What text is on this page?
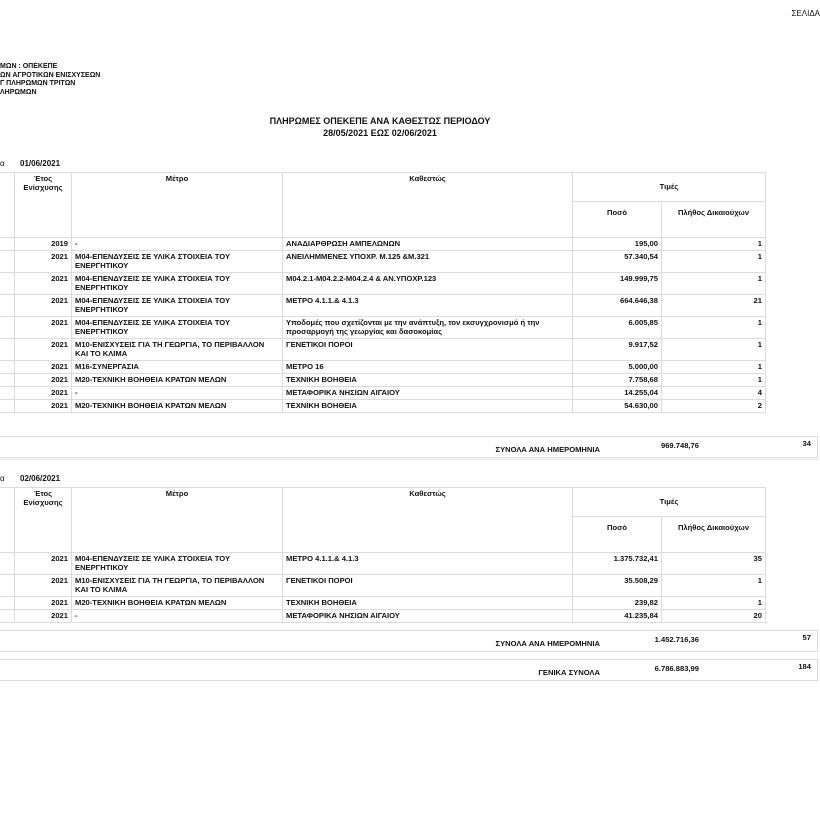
ΣΕΛΙΔΑ
ΜΩΝ : ΟΠΕΚΕΠΕ
ΩΝ ΑΓΡΟΤΙΚΩΝ ΕΝΙΣΧΥΣΕΩΝ
Γ ΠΛΗΡΩΜΩΝ ΤΡΙΤΩΝ
ΛΗΡΩΜΩΝ
ΠΛΗΡΩΜΕΣ ΟΠΕΚΕΠΕ ΑΝΑ ΚΑΘΕΣΤΩΣ ΠΕΡΙΟΔΟΥ
28/05/2021 ΕΩΣ 02/06/2021
α 01/06/2021
	Έτος Ενίσχυσης	Μέτρο	Καθεστώς	Τιμές	
				Ποσό	Πλήθος Δικαιούχων
	2019	-	ΑΝΑΔΙΑΡΘΡΩΣΗ ΑΜΠΕΛΩΝΩΝ	195,00	1
	2021	Μ04-ΕΠΕΝΔΥΣΕΙΣ ΣΕ ΥΛΙΚΑ ΣΤΟΙΧΕΙΑ ΤΟΥ ΕΝΕΡΓΗΤΙΚΟΥ	ΑΝΕΙΛΗΜΜΕΝΕΣ ΥΠΟΧΡ. Μ.125 &Μ.321	57.340,54	1
	2021	Μ04-ΕΠΕΝΔΥΣΕΙΣ ΣΕ ΥΛΙΚΑ ΣΤΟΙΧΕΙΑ ΤΟΥ ΕΝΕΡΓΗΤΙΚΟΥ	Μ04.2.1-Μ04.2.2-Μ04.2.4 & ΑΝ.ΥΠΟΧΡ.123	149.999,75	1
	2021	Μ04-ΕΠΕΝΔΥΣΕΙΣ ΣΕ ΥΛΙΚΑ ΣΤΟΙΧΕΙΑ ΤΟΥ ΕΝΕΡΓΗΤΙΚΟΥ	ΜΕΤΡΟ 4.1.1.& 4.1.3	664.646,38	21
	2021	Μ04-ΕΠΕΝΔΥΣΕΙΣ ΣΕ ΥΛΙΚΑ ΣΤΟΙΧΕΙΑ ΤΟΥ ΕΝΕΡΓΗΤΙΚΟΥ	Υποδομές που σχετίζονται με την ανάπτυξη, τον εκσυγχρονισμό ή την προσαρμογή της γεωργίας και δασοκομίας	6.005,85	1
	2021	Μ10-ΕΝΙΣΧΥΣΕΙΣ ΓΙΑ ΤΗ ΓΕΩΡΓΙΑ, ΤΟ ΠΕΡΙΒΑΛΛΟΝ ΚΑΙ ΤΟ ΚΛΙΜΑ	ΓΕΝΕΤΙΚΟΙ ΠΟΡΟΙ	9.917,52	1
	2021	Μ16-ΣΥΝΕΡΓΑΣΙΑ	ΜΕΤΡΟ 16	5.000,00	1
	2021	Μ20-ΤΕΧΝΙΚΗ ΒΟΗΘΕΙΑ ΚΡΑΤΩΝ ΜΕΛΩΝ	ΤΕΧΝΙΚΗ ΒΟΗΘΕΙΑ	7.758,68	1
	2021	-	ΜΕΤΑΦΟΡΙΚΑ ΝΗΣΙΩΝ ΑΙΓΑΙΟΥ	14.255,04	4
	2021	Μ20-ΤΕΧΝΙΚΗ ΒΟΗΘΕΙΑ ΚΡΑΤΩΝ ΜΕΛΩΝ	ΤΕΧΝΙΚΗ ΒΟΗΘΕΙΑ	54.630,00	2
ΣΥΝΟΛΑ ΑΝΑ ΗΜΕΡΟΜΗΝΙΑ	969.748,76	34
α 02/06/2021
	Έτος Ενίσχυσης	Μέτρο	Καθεστώς	Τιμές	
				Ποσό	Πλήθος Δικαιούχων
	2021	Μ04-ΕΠΕΝΔΥΣΕΙΣ ΣΕ ΥΛΙΚΑ ΣΤΟΙΧΕΙΑ ΤΟΥ ΕΝΕΡΓΗΤΙΚΟΥ	ΜΕΤΡΟ 4.1.1.& 4.1.3	1.375.732,41	35
	2021	Μ10-ΕΝΙΣΧΥΣΕΙΣ ΓΙΑ ΤΗ ΓΕΩΡΓΙΑ, ΤΟ ΠΕΡΙΒΑΛΛΟΝ ΚΑΙ ΤΟ ΚΛΙΜΑ	ΓΕΝΕΤΙΚΟΙ ΠΟΡΟΙ	35.508,29	1
	2021	Μ20-ΤΕΧΝΙΚΗ ΒΟΗΘΕΙΑ ΚΡΑΤΩΝ ΜΕΛΩΝ	ΤΕΧΝΙΚΗ ΒΟΗΘΕΙΑ	239,82	1
	2021	-	ΜΕΤΑΦΟΡΙΚΑ ΝΗΣΙΩΝ ΑΙΓΑΙΟΥ	41.235,84	20
ΣΥΝΟΛΑ ΑΝΑ ΗΜΕΡΟΜΗΝΙΑ	1.452.716,36	57
ΓΕΝΙΚΑ ΣΥΝΟΛΑ	6.786.883,99	184
